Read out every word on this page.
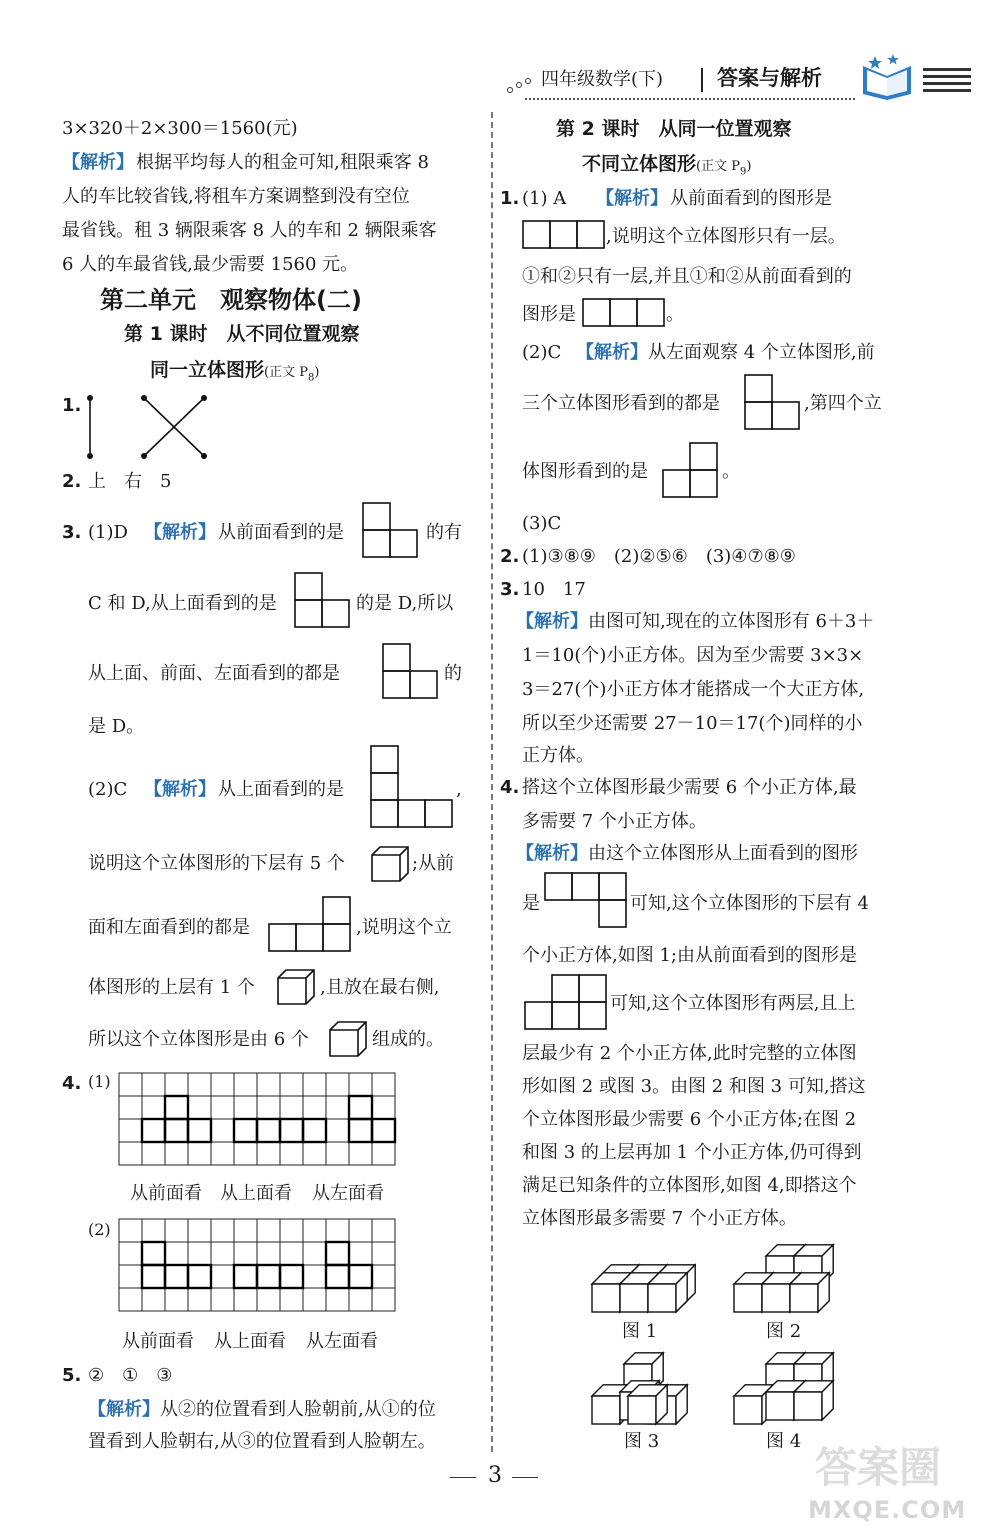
四年级数学(下)	答案与解析
3×320＋2×300＝1560(元)
【解析】 根据平均每人的租金可知,租限乘客 8
人的车比较省钱,将租车方案调整到没有空位
最省钱。租 3 辆限乘客 8 人的车和 2 辆限乘客
6 人的车最省钱,最少需要 1560 元。
第二单元　观察物体(二)
第 1 课时　从不同位置观察
同一立体图形(正文 $P_8$)
1.
2. 上　右　5
3. (1)D 【解析】 从前面看到的是	的有
C 和 D,从上面看到的是	的是 D,所以
从上面、前面、左面看到的都是	的
是 D。
(2)C 【解析】 从上面看到的是	,
说明这个立体图形的下层有 5 个	;从前
面和左面看到的都是	,说明这个立
体图形的上层有 1 个	,且放在最右侧,
所以这个立体图形是由 6 个	组成的。
4. (1)
从前面看 从上面看 从左面看
(2)
从前面看 从上面看 从左面看
5. ②　①　③
【解析】 从②的位置看到人脸朝前,从①的位
置看到人脸朝右,从③的位置看到人脸朝左。
第 2 课时　从同一位置观察
不同立体图形(正文 $P_9$)
1. (1) A 【解析】 从前面看到的图形是
,说明这个立体图形只有一层。
①和②只有一层,并且①和②从前面看到的
图形是	。
(2)C 【解析】 从左面观察 4 个立体图形,前
三个立体图形看到的都是	,第四个立
体图形看到的是	。
(3)C
2. (1)③⑧⑨　(2)②⑤⑥　(3)④⑦⑧⑨
3. 10　17
【解析】 由图可知,现在的立体图形有 6＋3＋
1＝10(个)小正方体。因为至少需要 3×3×
3＝27(个)小正方体才能搭成一个大正方体,
所以至少还需要 27－10＝17(个)同样的小
正方体。
4. 搭这个立体图形最少需要 6 个小正方体,最
多需要 7 个小正方体。
【解析】 由这个立体图形从上面看到的图形
是	可知,这个立体图形的下层有 4
个小正方体,如图 1;由从前面看到的图形是
可知,这个立体图形有两层,且上
层最少有 2 个小正方体,此时完整的立体图
形如图 2 或图 3。由图 2 和图 3 可知,搭这
个立体图形最少需要 6 个小正方体;在图 2
和图 3 的上层再加 1 个小正方体,仍可得到
满足已知条件的立体图形,如图 4,即搭这个
立体图形最多需要 7 个小正方体。
图 1	图 2
图 3	图 4
3	答案圈
MXQE.COM
